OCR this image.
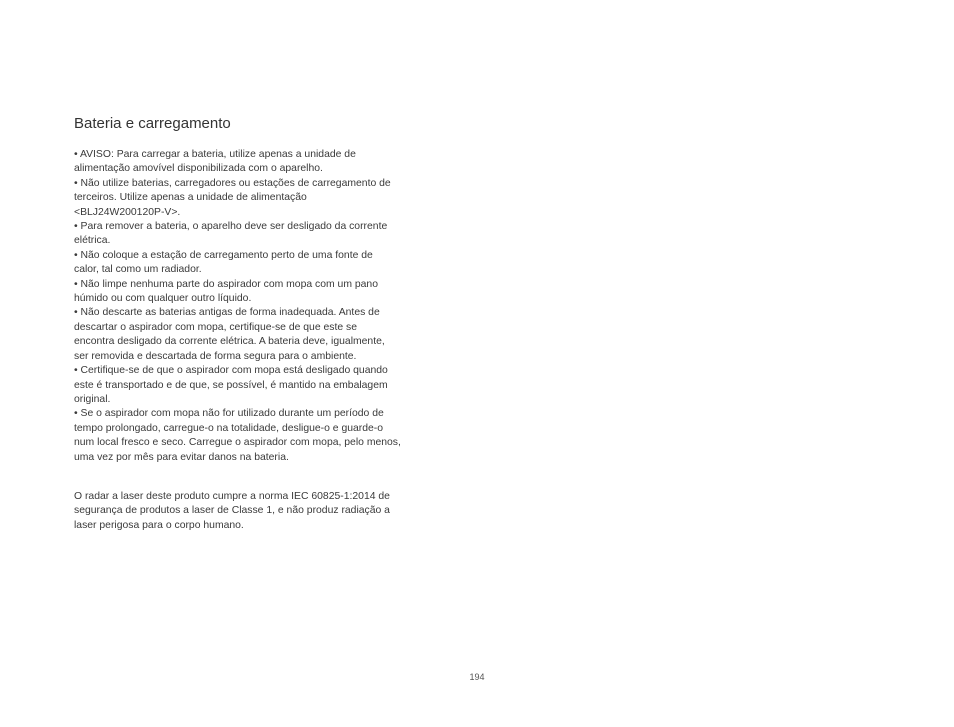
Bateria e carregamento
• AVISO: Para carregar a bateria, utilize apenas a unidade de
alimentação amovível disponibilizada com o aparelho.
• Não utilize baterias, carregadores ou estações de carregamento de
terceiros. Utilize apenas a unidade de alimentação
<BLJ24W200120P-V>.
• Para remover a bateria, o aparelho deve ser desligado da corrente
elétrica.
• Não coloque a estação de carregamento perto de uma fonte de
calor, tal como um radiador.
• Não limpe nenhuma parte do aspirador com mopa com um pano
húmido ou com qualquer outro líquido.
• Não descarte as baterias antigas de forma inadequada. Antes de
descartar o aspirador com mopa, certifique-se de que este se
encontra desligado da corrente elétrica. A bateria deve, igualmente,
ser removida e descartada de forma segura para o ambiente.
• Certifique-se de que o aspirador com mopa está desligado quando
este é transportado e de que, se possível, é mantido na embalagem
original.
• Se o aspirador com mopa não for utilizado durante um período de
tempo prolongado, carregue-o na totalidade, desligue-o e guarde-o
num local fresco e seco. Carregue o aspirador com mopa, pelo menos,
uma vez por mês para evitar danos na bateria.
O radar a laser deste produto cumpre a norma IEC 60825-1:2014 de
segurança de produtos a laser de Classe 1, e não produz radiação a
laser perigosa para o corpo humano.
194
